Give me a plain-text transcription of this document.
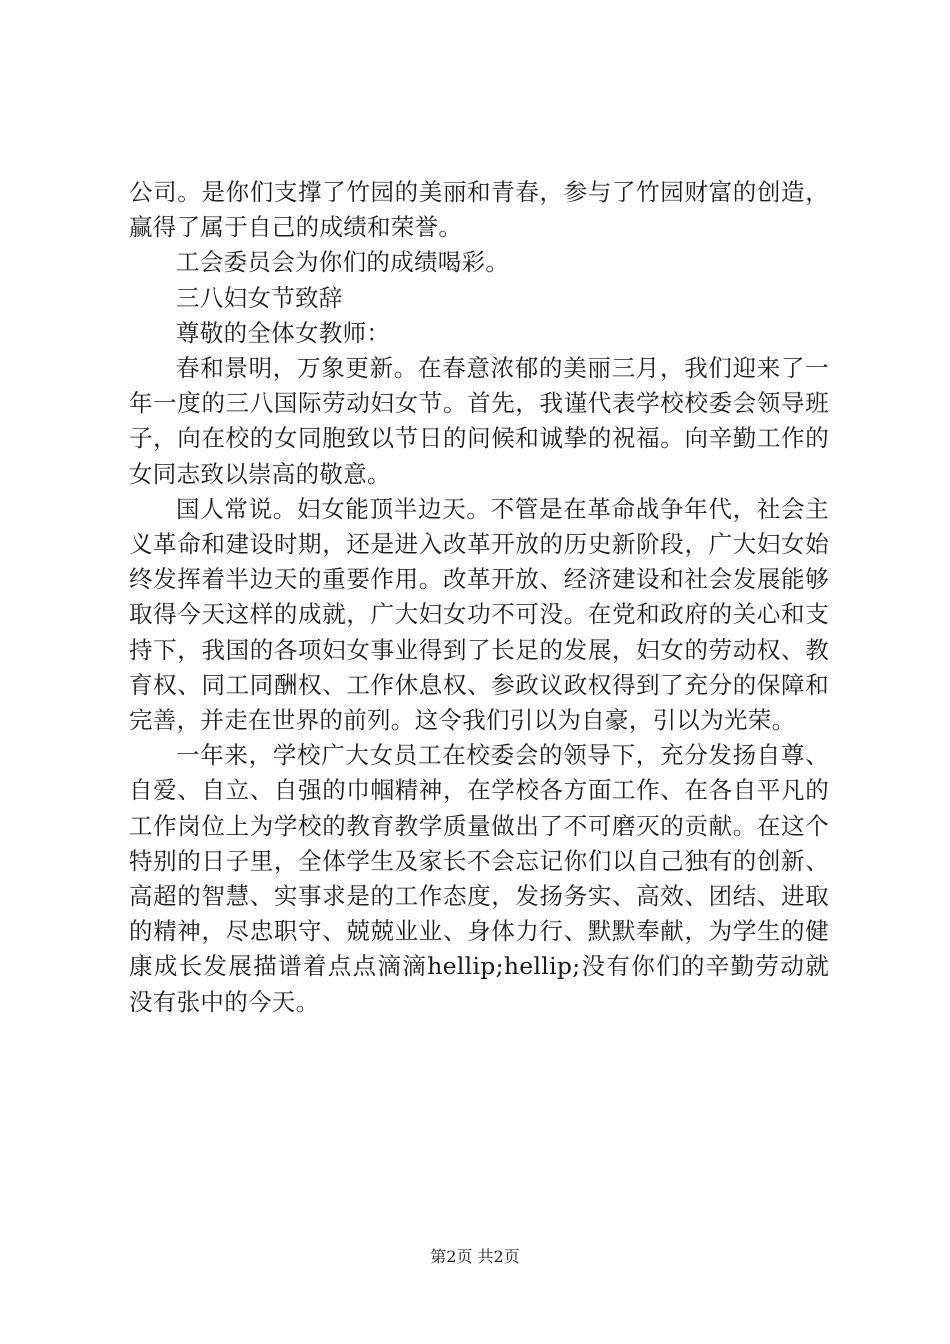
公司。是你们支撑了竹园的美丽和青春，参与了竹园财富的创造，赢得了属于自己的成绩和荣誉。

工会委员会为你们的成绩喝彩。

三八妇女节致辞

尊敬的全体女教师：

春和景明，万象更新。在春意浓郁的美丽三月，我们迎来了一年一度的三八国际劳动妇女节。首先，我谨代表学校校委会领导班子，向在校的女同胞致以节日的问候和诚挚的祝福。向辛勤工作的女同志致以崇高的敬意。

国人常说。妇女能顶半边天。不管是在革命战争年代，社会主义革命和建设时期，还是进入改革开放的历史新阶段，广大妇女始终发挥着半边天的重要作用。改革开放、经济建设和社会发展能够取得今天这样的成就，广大妇女功不可没。在党和政府的关心和支持下，我国的各项妇女事业得到了长足的发展，妇女的劳动权、教育权、同工同酬权、工作休息权、参政议政权得到了充分的保障和完善，并走在世界的前列。这令我们引以为自豪，引以为光荣。

一年来，学校广大女员工在校委会的领导下，充分发扬自尊、自爱、自立、自强的巾帼精神，在学校各方面工作、在各自平凡的工作岗位上为学校的教育教学质量做出了不可磨灭的贡献。在这个特别的日子里，全体学生及家长不会忘记你们以自己独有的创新、高超的智慧、实事求是的工作态度，发扬务实、高效、团结、进取的精神，尽忠职守、兢兢业业、身体力行、默默奉献，为学生的健康成长发展描谱着点点滴滴hellip;hellip;没有你们的辛勤劳动就没有张中的今天。

第2页 共2页
